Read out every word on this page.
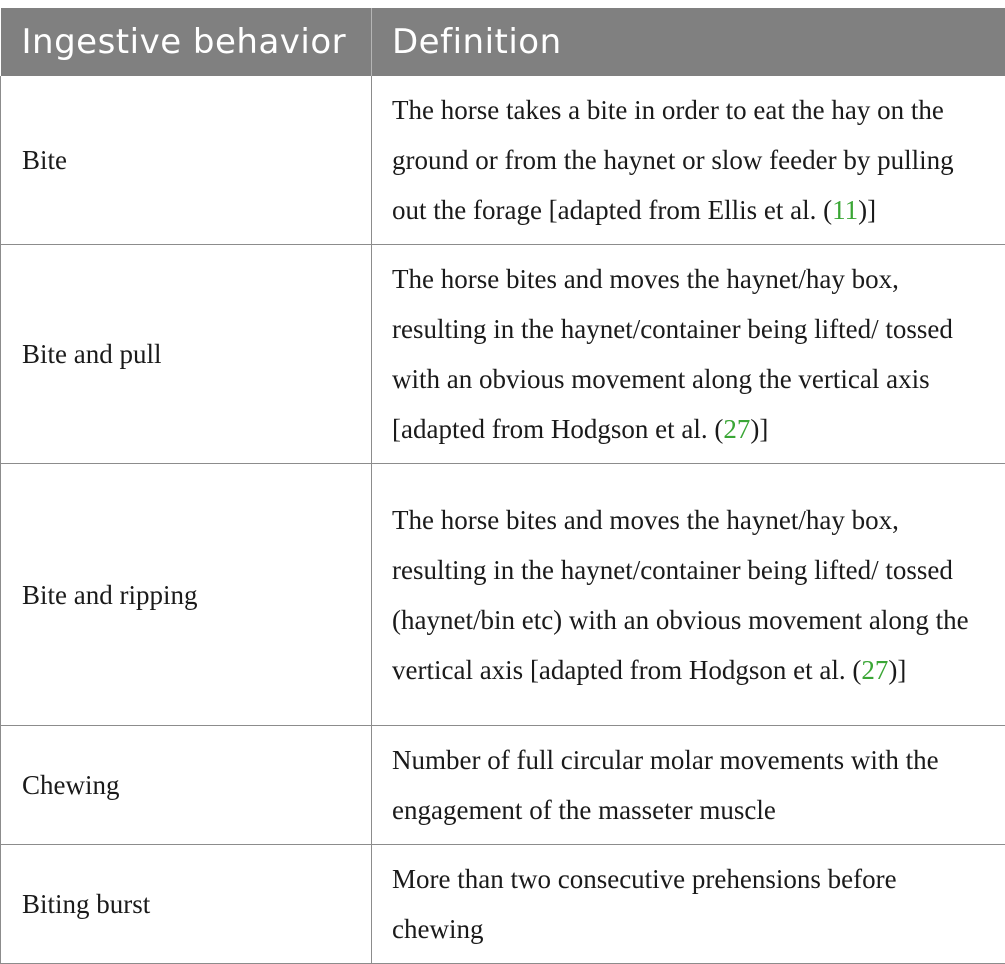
Ingestive behavior	Definition
Bite	The horse takes a bite in order to eat the hay on the ground or from the haynet or slow feeder by pulling out the forage [adapted from Ellis et al. (11)]
Bite and pull	The horse bites and moves the haynet/hay box, resulting in the haynet/container being lifted/ tossed with an obvious movement along the vertical axis [adapted from Hodgson et al. (27)]
Bite and ripping	The horse bites and moves the haynet/hay box, resulting in the haynet/container being lifted/ tossed (haynet/bin etc) with an obvious movement along the vertical axis [adapted from Hodgson et al. (27)]
Chewing	Number of full circular molar movements with the engagement of the masseter muscle
Biting burst	More than two consecutive prehensions before chewing
